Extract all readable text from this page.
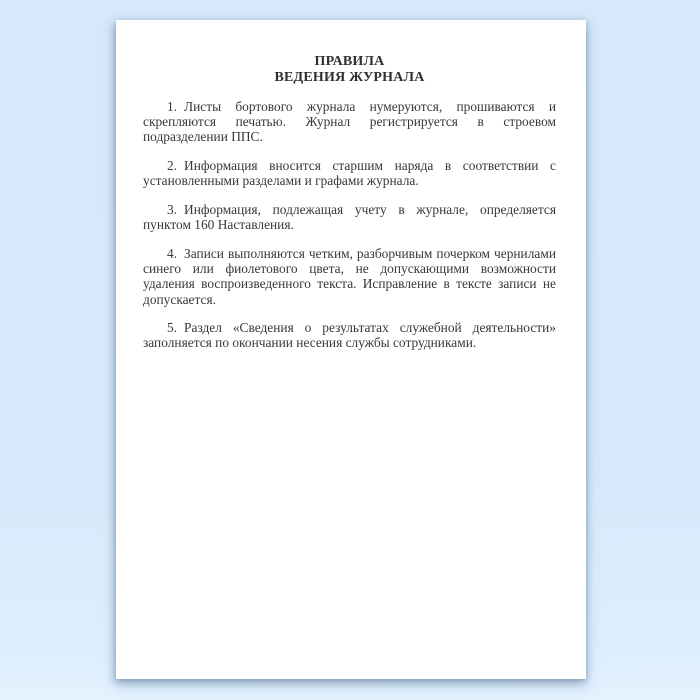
ПРАВИЛА
ВЕДЕНИЯ ЖУРНАЛА

1. Листы бортового журнала нумеруются, прошиваются и скрепляются печатью. Журнал регистрируется в строевом подразделении ППС.

2. Информация вносится старшим наряда в соответствии с установленными разделами и графами журнала.

3. Информация, подлежащая учету в журнале, определяется пунктом 160 Наставления.

4. Записи выполняются четким, разборчивым почерком чернилами синего или фиолетового цвета, не допускающими возможности удаления воспроизведенного текста. Исправление в тексте записи не допускается.

5. Раздел «Сведения о результатах служебной деятельности» заполняется по окончании несения службы сотрудниками.
